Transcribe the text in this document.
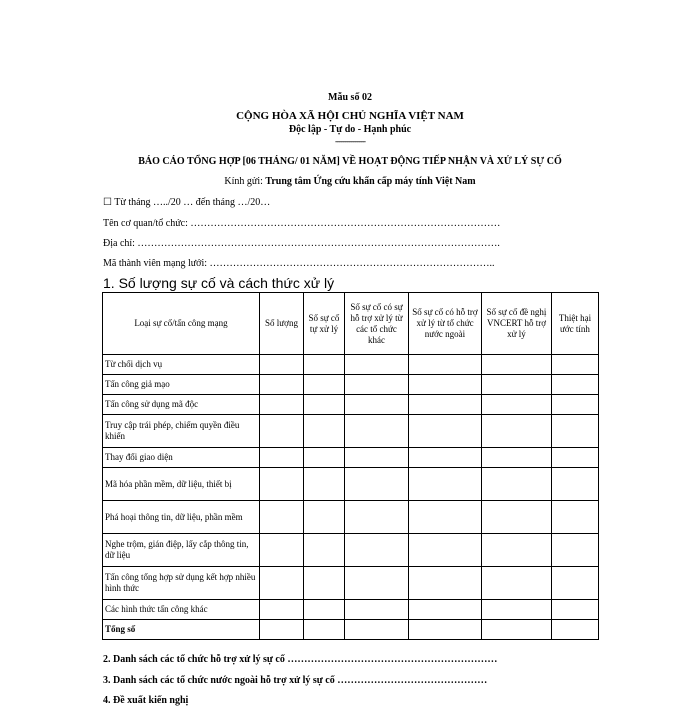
Mẫu số 02
CỘNG HÒA XÃ HỘI CHỦ NGHĨA VIỆT NAM
Độc lập - Tự do - Hạnh phúc
---------------
BÁO CÁO TỔNG HỢP [06 THÁNG/ 01 NĂM] VỀ HOẠT ĐỘNG TIẾP NHẬN VÀ XỬ LÝ SỰ CỐ
Kính gửi: Trung tâm Ứng cứu khẩn cấp máy tính Việt Nam
☐ Từ tháng …../20 … đến tháng …/20…
Tên cơ quan/tổ chức: …………………………………………………………………………………
Địa chỉ: ……………………………………………………………………………………………….
Mã thành viên mạng lưới: …………………………………………………………………………..
1. Số lượng sự cố và cách thức xử lý
Loại sự cố/tấn công mạng	Số lượng	Số sự cố tự xử lý	Số sự cố có sự hỗ trợ xử lý từ các tổ chức khác	Số sự cố có hỗ trợ xử lý từ tổ chức nước ngoài	Số sự cố đề nghị VNCERT hỗ trợ xử lý	Thiệt hại ước tính
Từ chối dịch vụ						
Tấn công giả mạo						
Tấn công sử dụng mã độc						
Truy cập trái phép, chiếm quyền điều khiển						
Thay đổi giao diện						
Mã hóa phần mềm, dữ liệu, thiết bị						
Phá hoại thông tin, dữ liệu, phần mềm						
Nghe trộm, gián điệp, lấy cắp thông tin, dữ liệu						
Tấn công tổng hợp sử dụng kết hợp nhiều hình thức						
Các hình thức tấn công khác						
Tổng số						
2. Danh sách các tổ chức hỗ trợ xử lý sự cố ………………………………………………………
3. Danh sách các tổ chức nước ngoài hỗ trợ xử lý sự cố ………………………………………
4. Đề xuất kiến nghị
